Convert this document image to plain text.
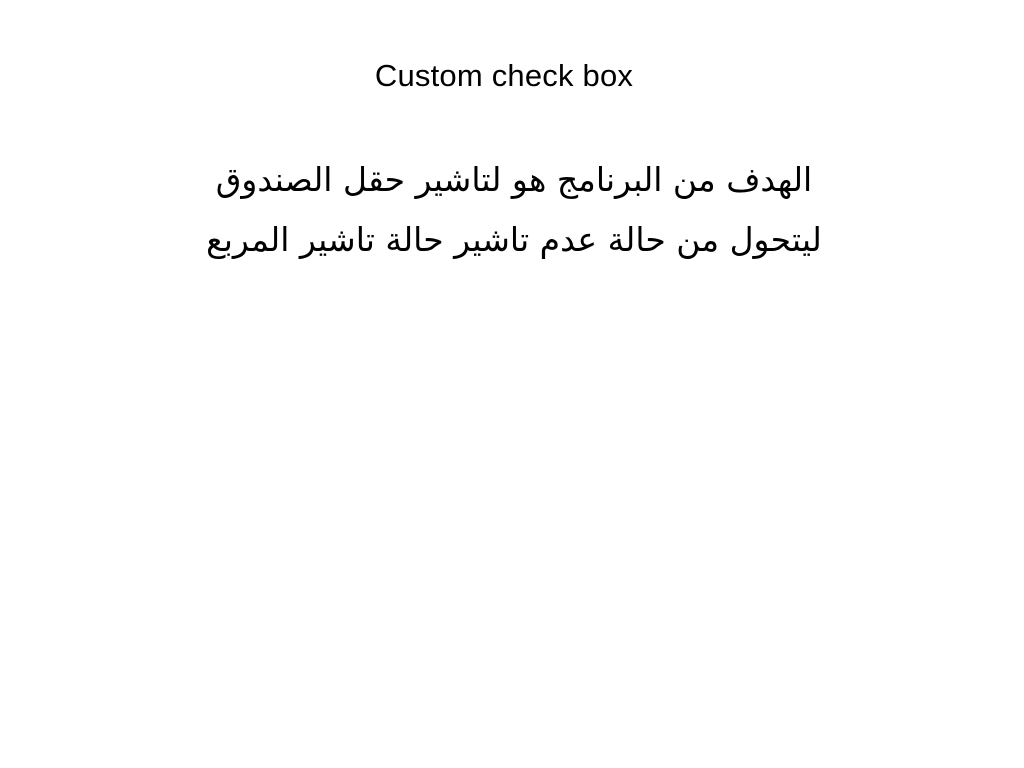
Custom check box
الهدف من البرنامج هو لتاشير حقل الصندوق
ليتحول من حالة عدم تاشير حالة تاشير المربع
